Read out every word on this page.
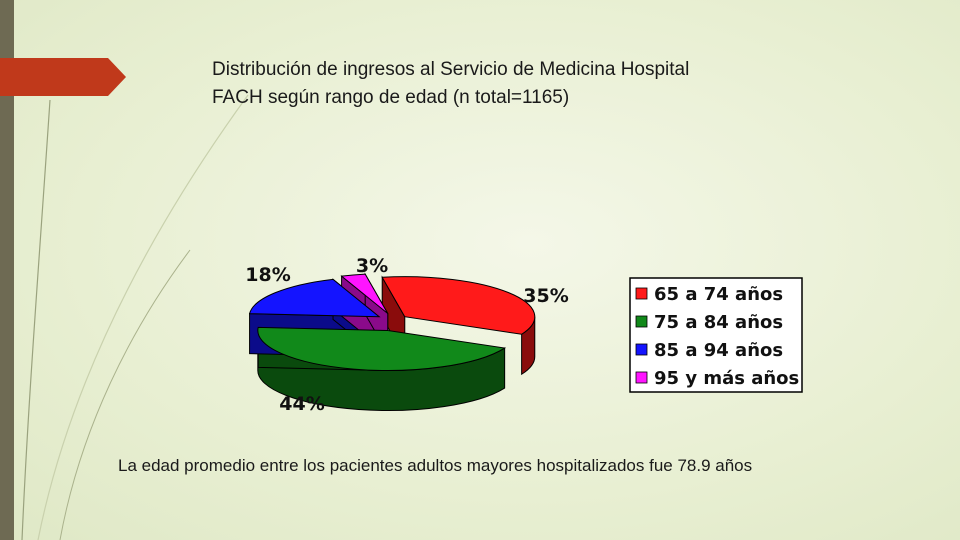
Distribución de ingresos al Servicio de Medicina Hospital
FACH según rango de edad (n total=1165)
35%
44%
18%	3%
65 a 74 años
75 a 84 años
85 a 94 años
95 y más años
La edad promedio entre los pacientes adultos mayores hospitalizados fue 78.9 años
